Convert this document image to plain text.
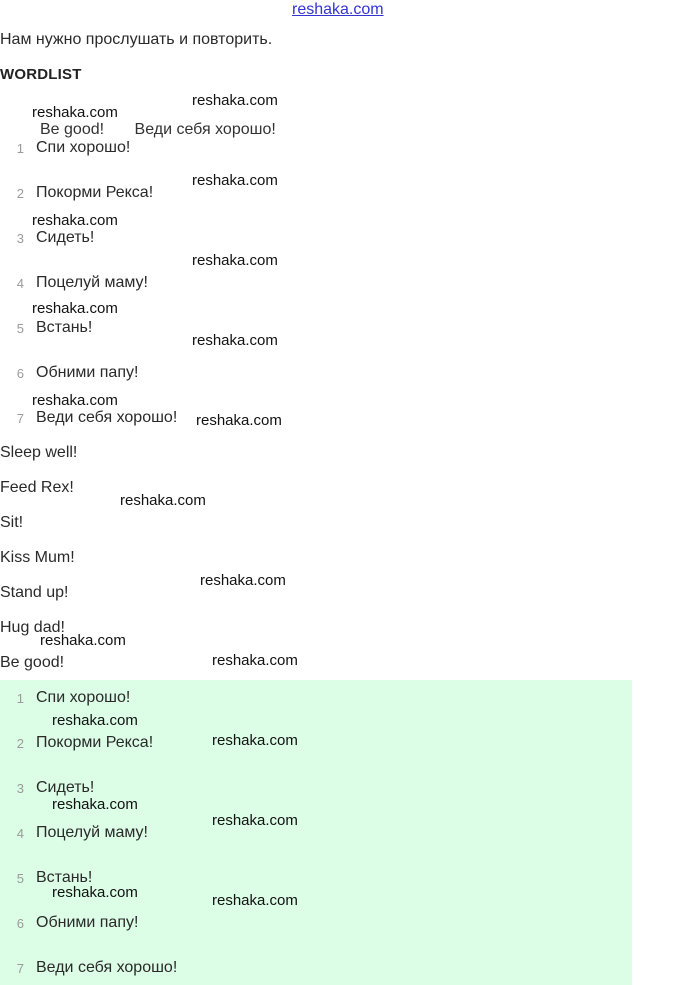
reshaka.com
Нам нужно прослушать и повторить.
WORDLIST
Be good! Веди себя хорошо!
1 Спи хорошо!
2 Покорми Рекса!
3 Сидеть!
4 Поцелуй маму!
5 Встань!
6 Обними папу!
7 Веди себя хорошо!
Sleep well!
Feed Rex!
Sit!
Kiss Mum!
Stand up!
Hug dad!
Be good!
1 Спи хорошо!
2 Покорми Рекса!
3 Сидеть!
4 Поцелуй маму!
5 Встань!
6 Обними папу!
7 Веди себя хорошо!
reshaka.com
reshaka.com
reshaka.com
reshaka.com
reshaka.com
reshaka.com
reshaka.com
reshaka.com
reshaka.com
reshaka.com
reshaka.com
reshaka.com
reshaka.com
reshaka.com
reshaka.com
reshaka.com
reshaka.com
reshaka.com	reshaka.com
